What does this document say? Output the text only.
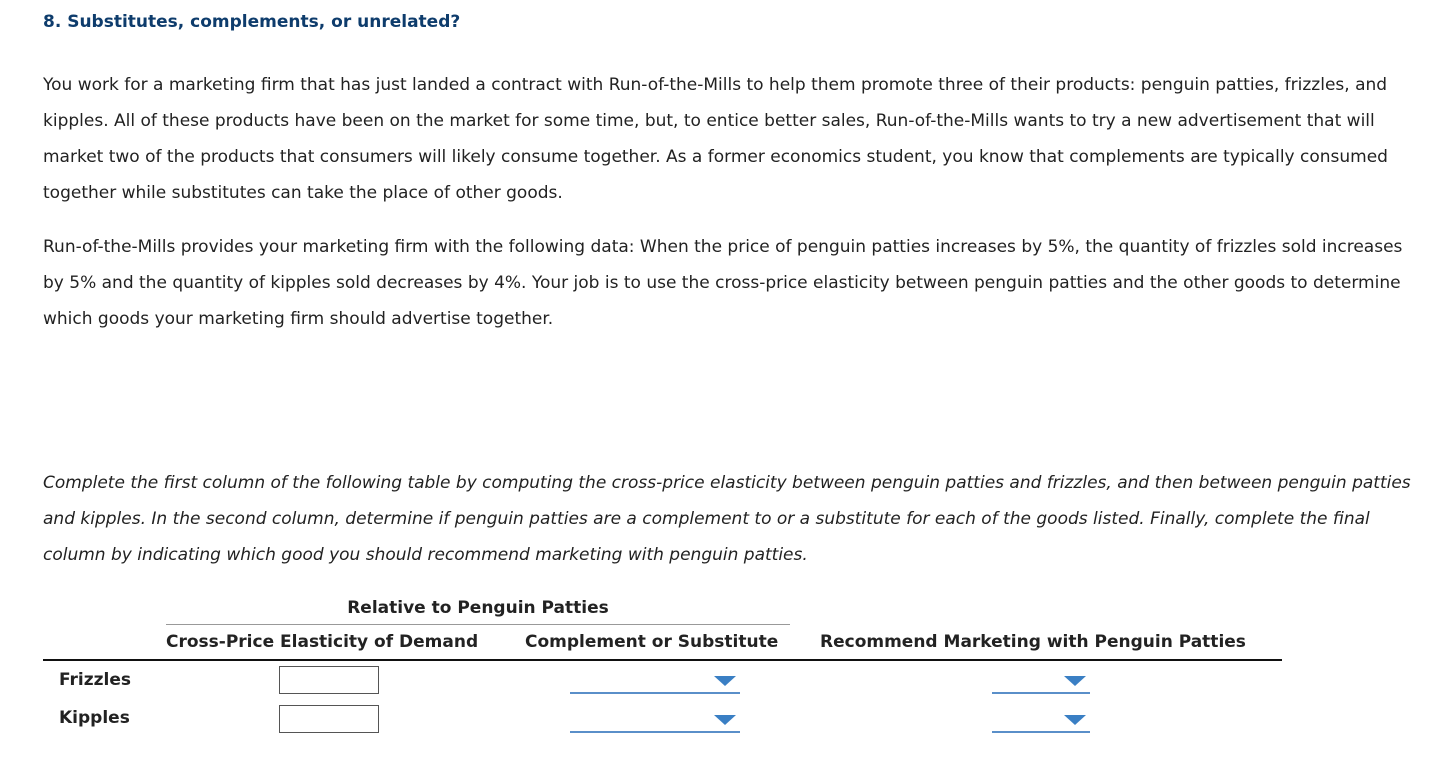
8. Substitutes, complements, or unrelated?

You work for a marketing firm that has just landed a contract with Run-of-the-Mills to help them promote three of their products: penguin patties, frizzles, and kipples. All of these products have been on the market for some time, but, to entice better sales, Run-of-the-Mills wants to try a new advertisement that will market two of the products that consumers will likely consume together. As a former economics student, you know that complements are typically consumed together while substitutes can take the place of other goods.

Run-of-the-Mills provides your marketing firm with the following data: When the price of penguin patties increases by 5%, the quantity of frizzles sold increases by 5% and the quantity of kipples sold decreases by 4%. Your job is to use the cross-price elasticity between penguin patties and the other goods to determine which goods your marketing firm should advertise together.

Complete the first column of the following table by computing the cross-price elasticity between penguin patties and frizzles, and then between penguin patties and kipples. In the second column, determine if penguin patties are a complement to or a substitute for each of the goods listed. Finally, complete the final column by indicating which good you should recommend marketing with penguin patties.

Relative to Penguin Patties
Cross-Price Elasticity of Demand	Complement or Substitute Recommend Marketing with Penguin Patties
Frizzles
Kipples
